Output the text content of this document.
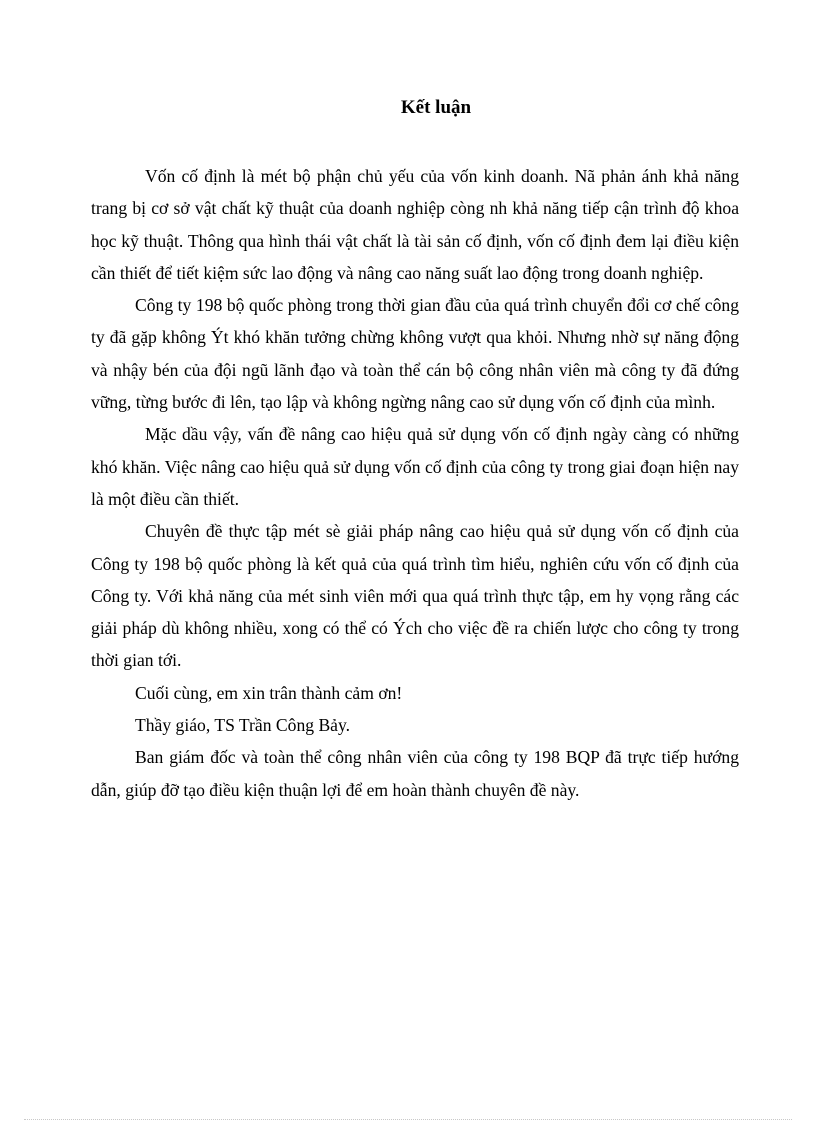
Kết luận

Vốn cố định là mét bộ phận chủ yếu của vốn kinh doanh. Nã phản ánh khả năng trang bị cơ sở vật chất kỹ thuật của doanh nghiệp còng nh khả năng tiếp cận trình độ khoa học kỹ thuật. Thông qua hình thái vật chất là tài sản cố định, vốn cố định đem lại điều kiện cần thiết để tiết kiệm sức lao động và nâng cao năng suất lao động trong doanh nghiệp.

Công ty 198 bộ quốc phòng trong thời gian đầu của quá trình chuyển đổi cơ chế công ty đã gặp không Ýt khó khăn tưởng chừng không vượt qua khỏi. Nhưng nhờ sự năng động và nhậy bén của đội ngũ lãnh đạo và toàn thể cán bộ công nhân viên mà công ty đã đứng vững, từng bước đi lên, tạo lập và không ngừng nâng cao sử dụng vốn cố định của mình.

Mặc dầu vậy, vấn đề nâng cao hiệu quả sử dụng vốn cố định ngày càng có những khó khăn. Việc nâng cao hiệu quả sử dụng vốn cố định của công ty trong giai đoạn hiện nay là một điều cần thiết.

Chuyên đề thực tập mét sè giải pháp nâng cao hiệu quả sử dụng vốn cố định của Công ty 198 bộ quốc phòng là kết quả của quá trình tìm hiểu, nghiên cứu vốn cố định của Công ty. Với khả năng của mét sinh viên mới qua quá trình thực tập, em hy vọng rằng các giải pháp dù không nhiều, xong có thể có Ých cho việc đề ra chiến lược cho công ty trong thời gian tới.

Cuối cùng, em xin trân thành cảm ơn!

Thầy giáo, TS Trần Công Bảy.

Ban giám đốc và toàn thể công nhân viên của công ty 198 BQP đã trực tiếp hướng dẫn, giúp đỡ tạo điều kiện thuận lợi để em hoàn thành chuyên đề này.
